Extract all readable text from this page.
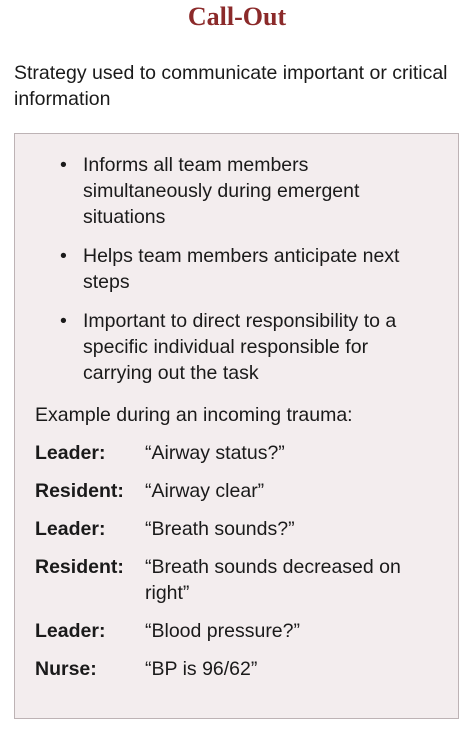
Call-Out
Strategy used to communicate important or critical information
• Informs all team members simultaneously during emergent situations
• Helps team members anticipate next steps
• Important to direct responsibility to a specific individual responsible for carrying out the task
Example during an incoming trauma:
Leader:	“Airway status?”
Resident:	“Airway clear”
Leader:	“Breath sounds?”
Resident:	“Breath sounds decreased on right”
Leader:	“Blood pressure?”
Nurse:	“BP is 96/62”
